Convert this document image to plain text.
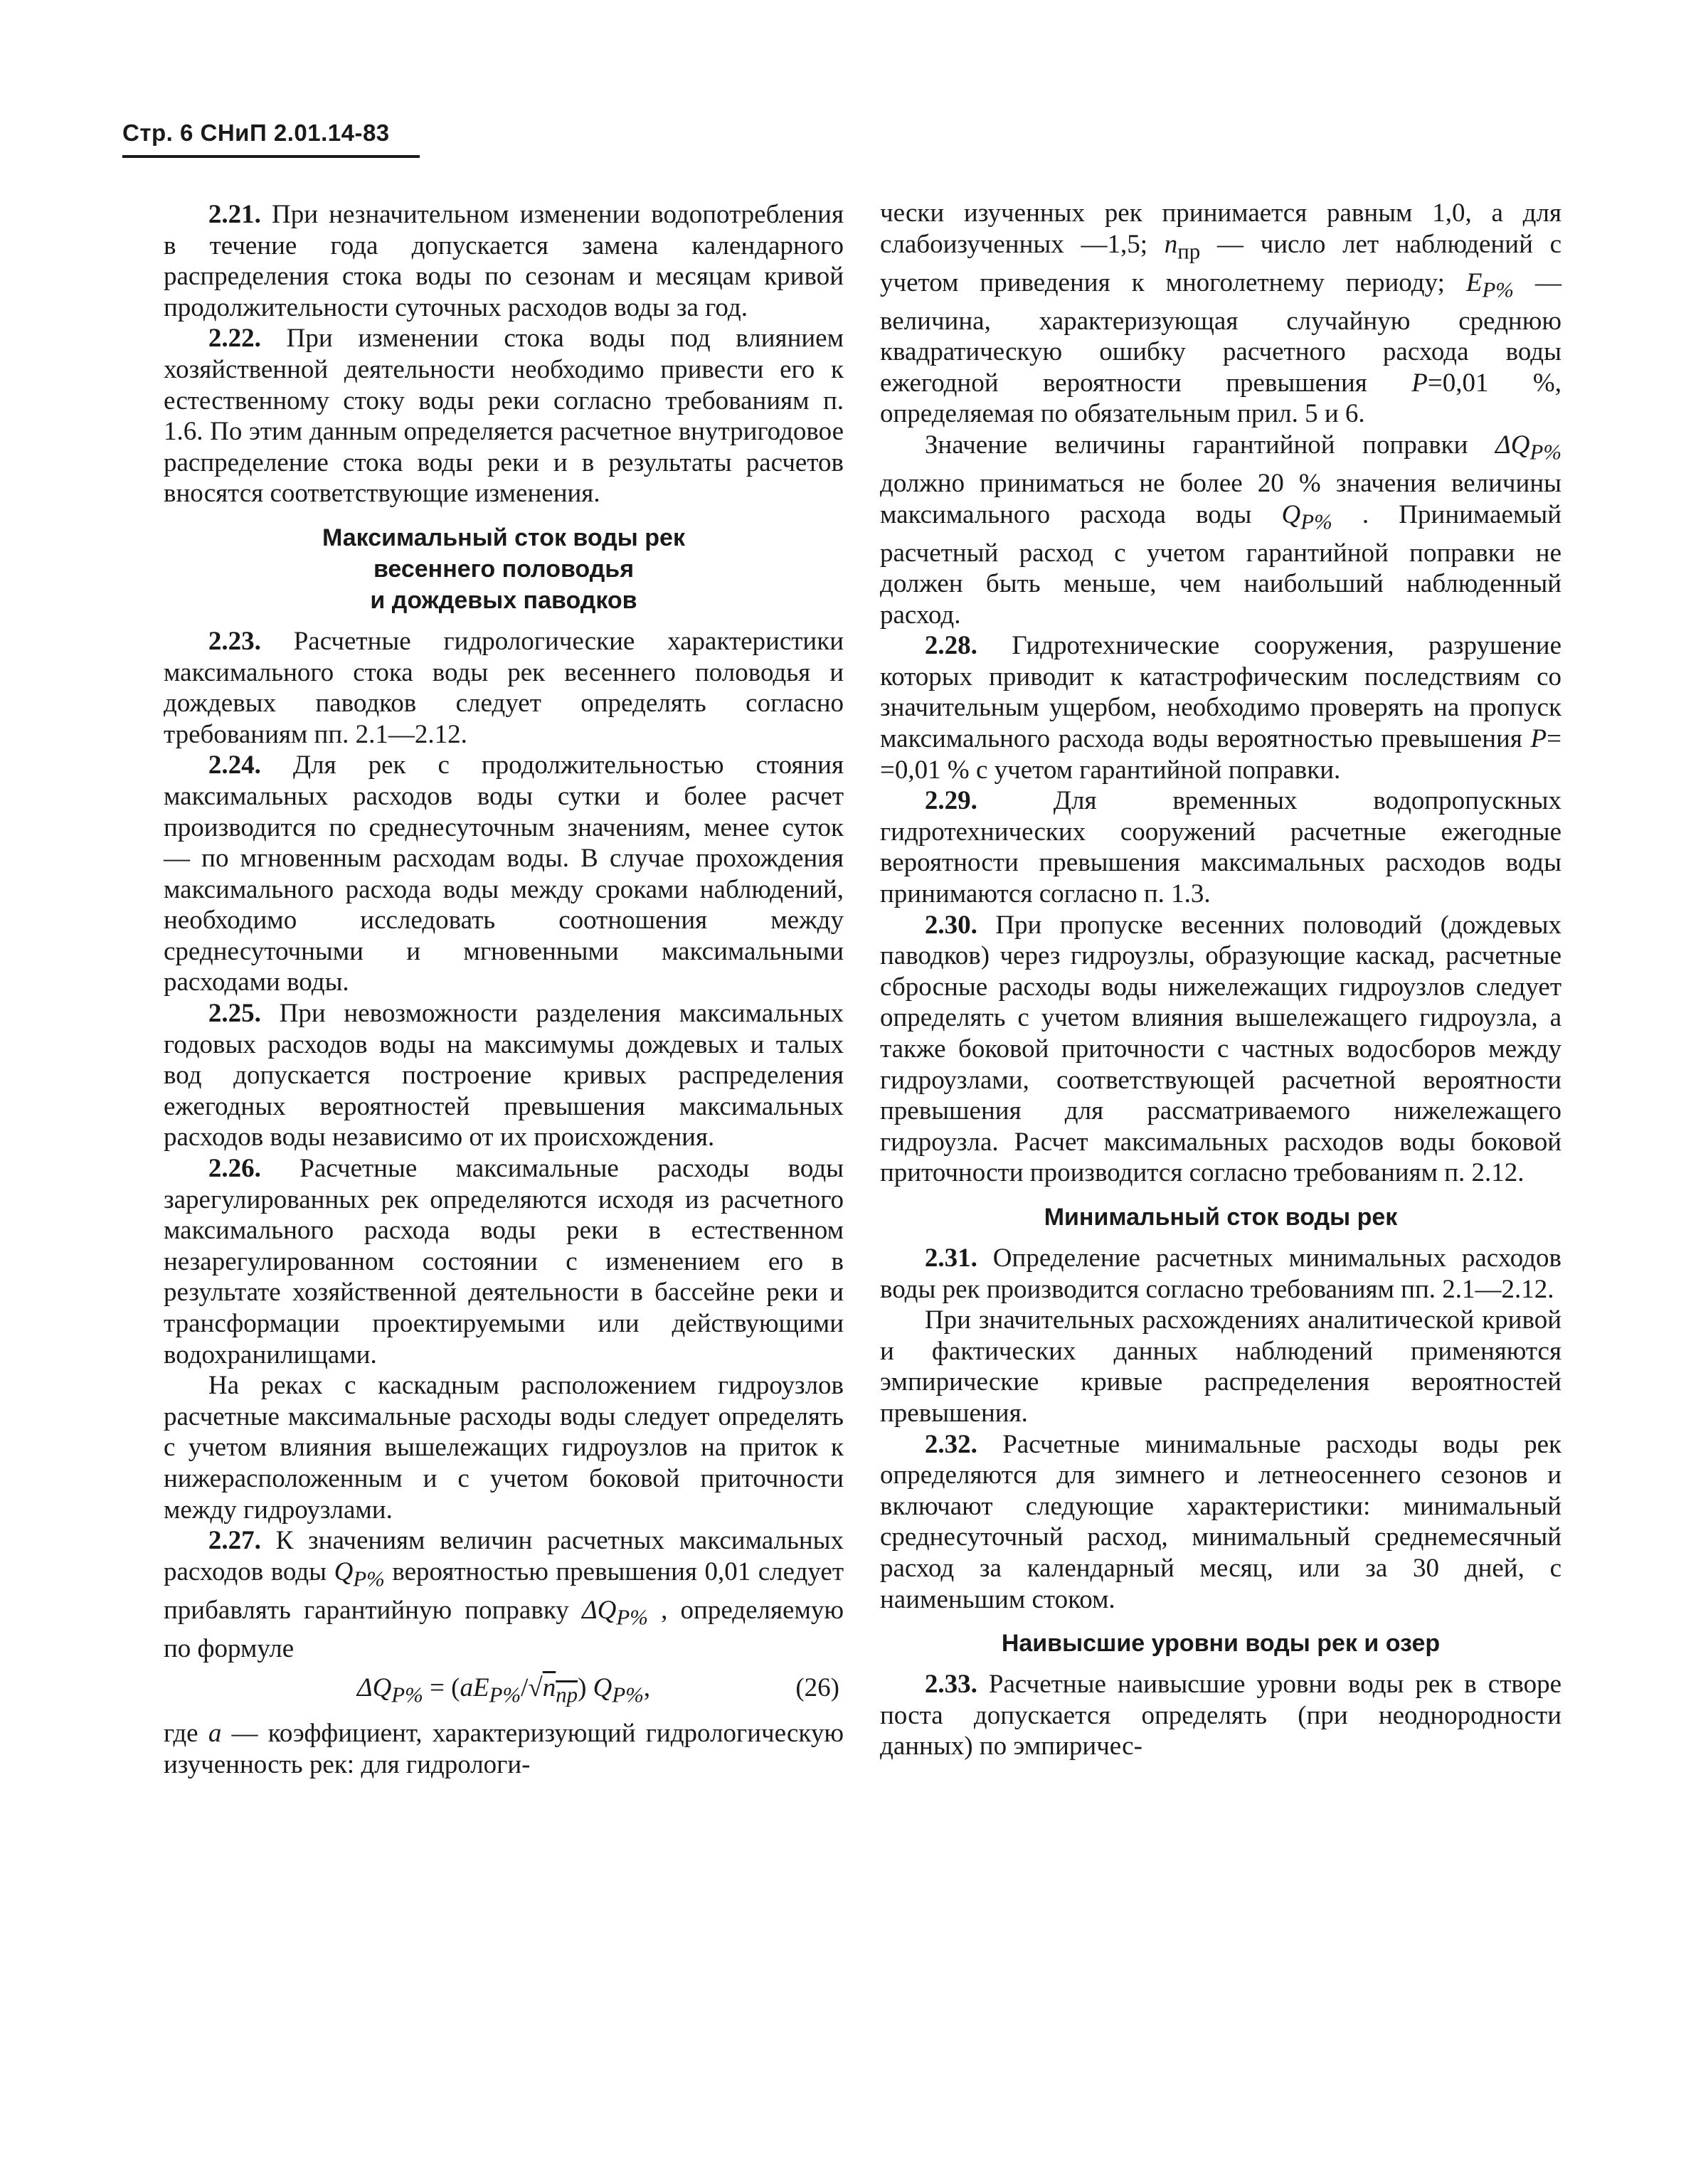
Стр. 6 СНиП 2.01.14-83

2.21. При незначительном изменении водопотребления в течение года допускается замена календарного распределения стока воды по сезонам и месяцам кривой продолжительности суточных расходов воды за год.

2.22. При изменении стока воды под влиянием хозяйственной деятельности необходимо привести его к естественному стоку воды реки согласно требованиям п. 1.6. По этим данным определяется расчетное внутригодовое распределение стока воды реки и в результаты расчетов вносятся соответствующие изменения.

Максимальный сток воды рек
весеннего половодья
и дождевых паводков

2.23. Расчетные гидрологические характеристики максимального стока воды рек весеннего половодья и дождевых паводков следует определять согласно требованиям пп. 2.1—2.12.

2.24. Для рек с продолжительностью стояния максимальных расходов воды сутки и более расчет производится по среднесуточным значениям, менее суток — по мгновенным расходам воды. В случае прохождения максимального расхода воды между сроками наблюдений, необходимо исследовать соотношения между среднесуточными и мгновенными максимальными расходами воды.

2.25. При невозможности разделения максимальных годовых расходов воды на максимумы дождевых и талых вод допускается построение кривых распределения ежегодных вероятностей превышения максимальных расходов воды независимо от их происхождения.

2.26. Расчетные максимальные расходы воды зарегулированных рек определяются исходя из расчетного максимального расхода воды реки в естественном незарегулированном состоянии с изменением его в результате хозяйственной деятельности в бассейне реки и трансформации проектируемыми или действующими водохранилищами.

На реках с каскадным расположением гидроузлов расчетные максимальные расходы воды следует определять с учетом влияния вышележащих гидроузлов на приток к нижерасположенным и с учетом боковой приточности между гидроузлами.

2.27. К значениям величин расчетных максимальных расходов воды $Q_{P\%}$ вероятностью превышения 0,01 следует прибавлять гарантийную поправку $\Delta Q_{P\%}$ , определяемую по формуле

$\Delta Q_{P\%} = (aE_{P\%}/√n_{пр})$ $Q_{P\%}$,	(26)

где a — коэффициент, характеризующий гидрологическую изученность рек: для гидрологи-

чески изученных рек принимается равным 1,0, а для слабоизученных —1,5; $n_{пр}$ — число лет наблюдений с учетом приведения к многолетнему периоду; $E_{P\%}$ — величина, характеризующая случайную среднюю квадратическую ошибку расчетного расхода воды ежегодной вероятности превышения P=0,01 %, определяемая по обязательным прил. 5 и 6.

Значение величины гарантийной поправки $\Delta Q_{P\%}$ должно приниматься не более 20 % значения величины максимального расхода воды $Q_{P\%}$ . Принимаемый расчетный расход с учетом гарантийной поправки не должен быть меньше, чем наибольший наблюденный расход.

2.28. Гидротехнические сооружения, разрушение которых приводит к катастрофическим последствиям со значительным ущербом, необходимо проверять на пропуск максимального расхода воды вероятностью превышения P= =0,01 % с учетом гарантийной поправки.

2.29.	Для временных водопропускных гидротехнических сооружений расчетные ежегодные вероятности превышения максимальных расходов воды принимаются согласно п. 1.3.

2.30. При пропуске весенних половодий (дождевых паводков) через гидроузлы, образующие каскад, расчетные сбросные расходы воды нижележащих гидроузлов следует определять с учетом влияния вышележащего гидроузла, а также боковой приточности с частных водосборов между гидроузлами, соответствующей расчетной вероятности превышения для рассматриваемого нижележащего гидроузла. Расчет максимальных расходов воды боковой приточности производится согласно требованиям п. 2.12.

Минимальный сток воды рек

2.31. Определение расчетных минимальных расходов воды рек производится согласно требованиям пп. 2.1—2.12.

При значительных расхождениях аналитической кривой и фактических данных наблюдений применяются эмпирические кривые распределения вероятностей превышения.

2.32. Расчетные минимальные расходы воды рек определяются для зимнего и летнеосеннего сезонов и включают следующие характеристики: минимальный среднесуточный расход, минимальный среднемесячный расход за календарный месяц, или за 30 дней, с наименьшим стоком.

Наивысшие уровни воды рек и озер

2.33. Расчетные наивысшие уровни воды рек в створе поста допускается определять (при неоднородности данных) по эмпиричес-
